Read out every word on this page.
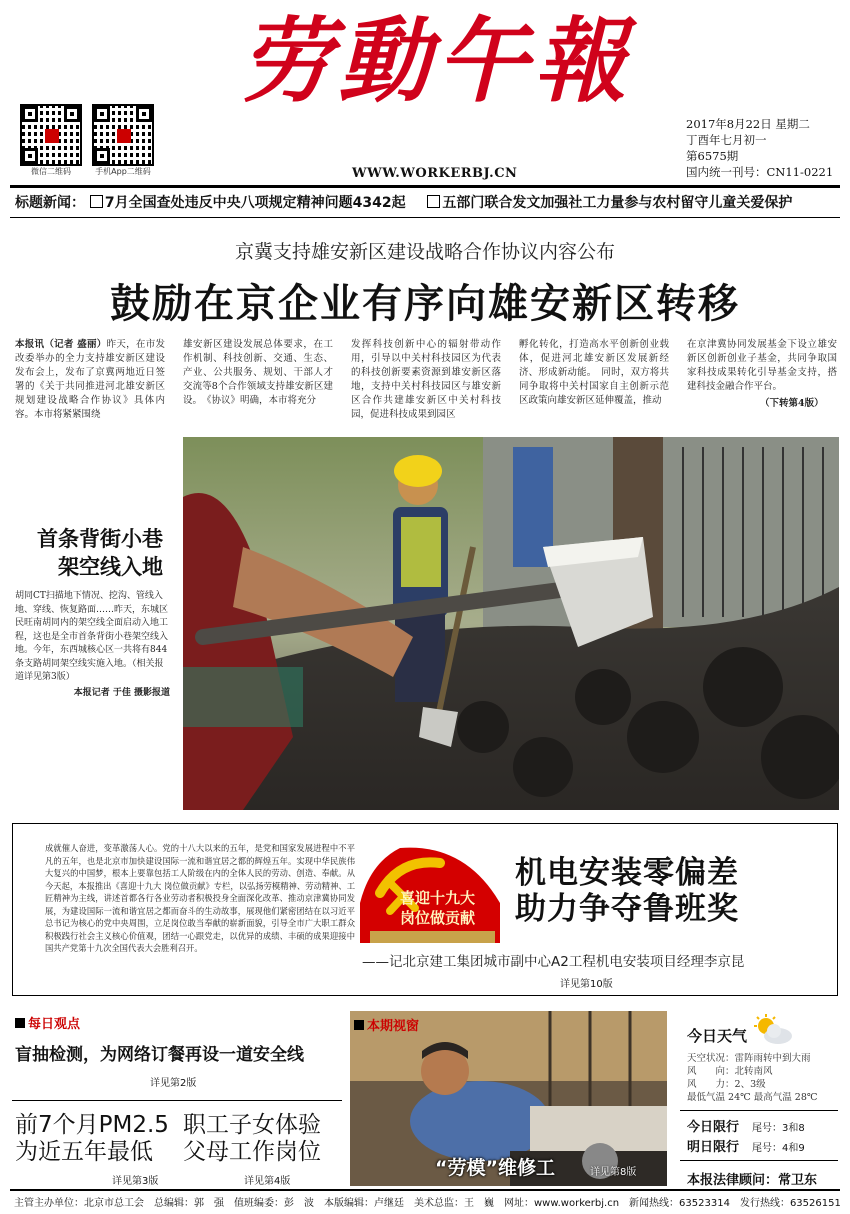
微信二维码	手机App二维码
劳動午報
WWW.WORKERBJ.CN
2017年8月22日 星期二
丁酉年七月初一
第6575期
国内统一刊号：CN11-0221
标题新闻： 7月全国查处违反中央八项规定精神问题4342起	五部门联合发文加强社工力量参与农村留守儿童关爱保护
京冀支持雄安新区建设战略合作协议内容公布
鼓励在京企业有序向雄安新区转移
本报讯（记者 盛丽）昨天，在市发改委举办的全力支持雄安新区建设发布会上，发布了京冀两地近日签署的《关于共同推进河北雄安新区规划建设战略合作协议》具体内容。本市将紧紧围绕
雄安新区建设发展总体要求，在工作机制、科技创新、交通、生态、产业、公共服务、规划、干部人才交流等8个合作领域支持雄安新区建设。　《协议》明确，本市将充分
发挥科技创新中心的辐射带动作用，引导以中关村科技园区为代表的科技创新要素资源到雄安新区落地，支持中关村科技园区与雄安新区合作共建雄安新区中关村科技园，促进科技成果到园区
孵化转化，打造高水平创新创业载体，促进河北雄安新区发展新经济、形成新动能。　同时，双方将共同争取将中关村国家自主创新示范区政策向雄安新区延伸覆盖，推动
在京津冀协同发展基金下设立雄安新区创新创业子基金，共同争取国家科技成果转化引导基金支持，搭建科技金融合作平台。
（下转第4版）
首条背街小巷
架空线入地
胡同CT扫描地下情况、挖沟、管线入地、穿线、恢复路面……昨天，东城区民旺南胡同内的架空线全面启动入地工程，这也是全市首条背街小巷架空线入地。今年，东西城核心区一共将有844条支路胡同架空线实施入地。（相关报道详见第3版）
本报记者 于佳 摄影报道
成就催人奋进，变革激荡人心。党的十八大以来的五年，是党和国家发展进程中不平凡的五年，也是北京市加快建设国际一流和谐宜居之都的辉煌五年。实现中华民族伟大复兴的中国梦，根本上要靠包括工人阶级在内的全体人民的劳动、创造、奉献。从今天起，本报推出《喜迎十九大 岗位做贡献》专栏，以弘扬劳模精神、劳动精神、工匠精神为主线，讲述首都各行各业劳动者积极投身全面深化改革、推动京津冀协同发展，为建设国际一流和谐宜居之都而奋斗的生动故事，展现他们紧密团结在以习近平总书记为核心的党中央周围，立足岗位敢当奉献的崭新面貌，引导全市广大职工群众积极践行社会主义核心价值观，团结一心跟党走，以优异的成绩、丰硕的成果迎接中国共产党第十九次全国代表大会胜利召开。
喜迎十九大
岗位做贡献
机电安装零偏差
助力争夺鲁班奖
——记北京建工集团城市副中心A2工程机电安装项目经理李京昆
详见第10版
每日观点
盲抽检测，为网络订餐再设一道安全线
详见第2版
前7个月PM2.5
为近五年最低
详见第3版
职工子女体验
父母工作岗位
详见第4版
本期视窗
“劳模”维修工	详见第8版
今日天气
天空状况：雷阵雨转中到大雨
风　　向：北转南风
风　　力：2、3级
最低气温 24℃ 最高气温 28℃
今日限行　 尾号：3和8
明日限行　 尾号：4和9
本报法律顾问：常卫东
主管主办单位：北京市总工会　总编辑：郭　强　值班编委：彭　波　本版编辑：卢继廷　美术总监：王　巍　网址：www.workerbj.cn　新闻热线：63523314　发行热线：63526151
